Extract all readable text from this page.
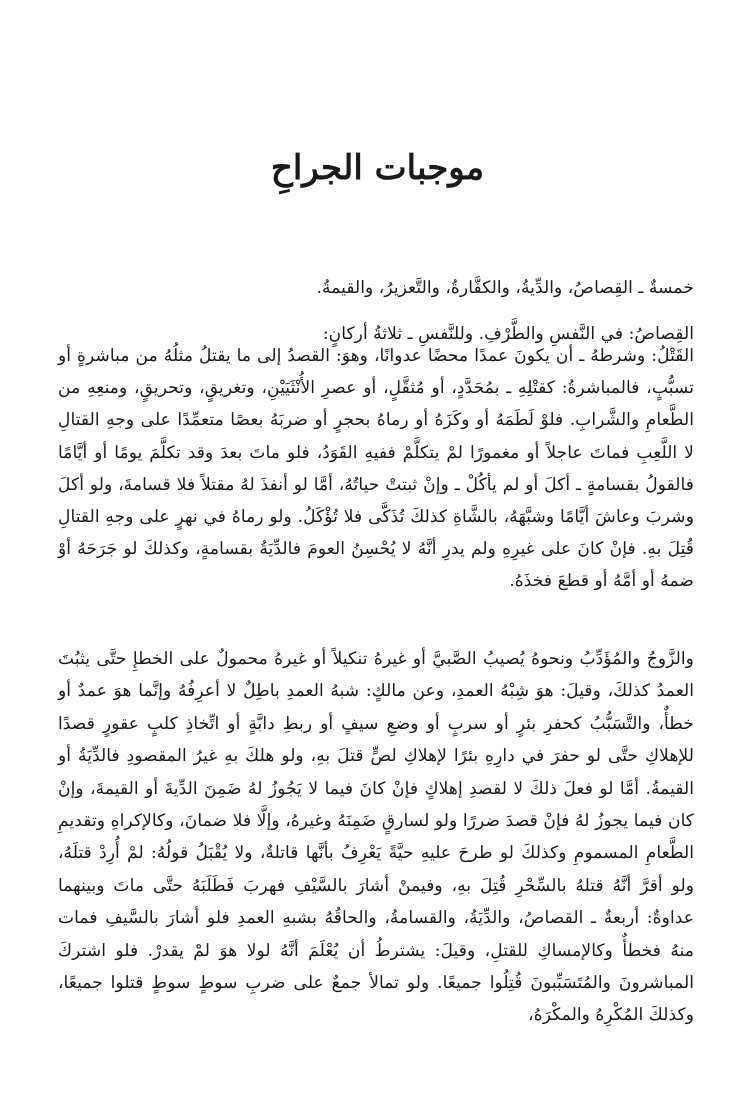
موجبات الجراحِ

خمسةٌ ـ القِصاصُ، والدِّيةُ، والكفَّارةُ، والتَّعزيرُ، والقيمةُ.

القِصاصُ: في النَّفسِ والطَّرْفِ. وللنَّفسِ ـ ثلاثةُ أركانٍ:

القَتْلُ: وشرطهُ ـ أن يكونَ عمدًا محضًا عدوانًا، وهوَ: القصدُ إلى ما يقتلُ مثلُهُ من مباشرةٍ أو تسبُّبٍ، فالمباشرةُ: كقتْلِهِ ـ بمُحَدَّدٍ، أو مُثقَّلٍ، أو عصرِ الأُنْثَيَيْنِ، وتغريقٍ، وتحريقٍ، ومنعِهِ من الطَّعامِ والشَّرابِ. فلوْ لَطَمَهُ أو وكَزَهُ أو رماهُ بحجرٍ أو ضربَهُ بعصًا متعمِّدًا على وجهِ القتالِ لا اللَّعِبِ فماتَ عاجلاً أو مغمورًا لمْ يتكلَّمْ ففيهِ القَوَدُ، فلو ماتَ بعدَ وقد تكلَّمَ يومًا أو أيَّامًا فالقولُ بقسامةٍ ـ أكلَ أو لم يأكُلْ ـ وإنْ ثبتتْ حياتُهُ، أمَّا لو أنفذَ لهُ مقتلاً فلا قسامةَ، ولو أكلَ وشربَ وعاشَ أيَّامًا وشبَّهَهُ، بالشَّاةِ كذلكَ تُذَكَّى فلا تُؤْكَلُ. ولو رماهُ في نهرٍ على وجهِ القتالِ قُتِلَ بهِ. فإنْ كانَ على غيرِهِ ولم يدرِ أنَّهُ لا يُحْسِنُ العومَ فالدِّيَةُ بقسامةٍ، وكذلكَ لو جَرَحَهُ أوْ ضمهُ أو أمَّهُ أو قطعَ فخذَهُ.

والزَّوجُ والمُؤَدِّبُ ونحوهُ يُصيبُ الصَّبيَّ أو غيرهُ تنكيلاً أو غيرهُ محمولٌ على الخطإِ حتَّى يثبُتَ العمدُ كذلكَ، وقيلَ: هوَ شِبْهُ العمدِ، وعن مالكٍ: شبهُ العمدِ باطِلٌ لا أعرِفُهُ وإنَّما هوَ عمدٌ أو خطأٌ، والتَّسَبُّبُ كحفرِ بئرٍ أو سربٍ أو وضعِ سيفٍ أو ربطِ دابَّةٍ أو اتِّخاذِ كلبٍ عقورٍ قصدًا للإهلاكِ حتَّى لو حفرَ في دارِهِ بئرًا لإهلاكِ لصٍّ قتلَ بهِ، ولو هلكَ بهِ غيرُ المقصودِ فالدِّيَةُ أو القيمةُ. أمَّا لو فعلَ ذلكَ لا لقصدِ إهلاكٍ فإنْ كانَ فيما لا يَجُوزُ لهُ ضَمِنَ الدِّيةَ أو القيمةَ، وإنْ كان فيما يجوزُ لهُ فإنْ قصدَ ضررًا ولو لسارقٍ ضَمِنَهُ وغيرهُ، وإلَّا فلا ضمانَ، وكالإكراهِ وتقديمِ الطَّعامِ المسمومِ وكذلكَ لو طرحَ عليهِ حيَّةً يَعْرِفُ بأنَّها قاتلةٌ، ولا يُقْبَلُ قولُهُ: لمْ أُرِدْ قتلَهُ، ولو أقرَّ أنَّهُ قتلهُ بالسِّحْرِ قُتِلَ بهِ، وفيمنْ أشارَ بالسَّيْفِ فهربَ فَطَلَبَهُ حتَّى ماتَ وبينهما عداوةٌ: أربعةٌ ـ القصاصُ، والدِّيَةُ، والقسامةُ، والحاقُهُ بشبهِ العمدِ فلو أشارَ بالسَّيفِ فمات منهُ فخطأٌ وكالإمساكِ للقتلِ، وقيلَ: يشترطُ أن يُعْلَمَ أنَّهُ لولا هوَ لمْ يقدرْ. فلو اشتركَ المباشرونَ والمُتَسَبِّبونَ قُتِلُوا جميعًا. ولو تمالأ جمعٌ على ضربِ سوطٍ سوطٍ قتلوا جميعًا، وكذلكَ المُكْرِهُ والمكْرَهُ،
